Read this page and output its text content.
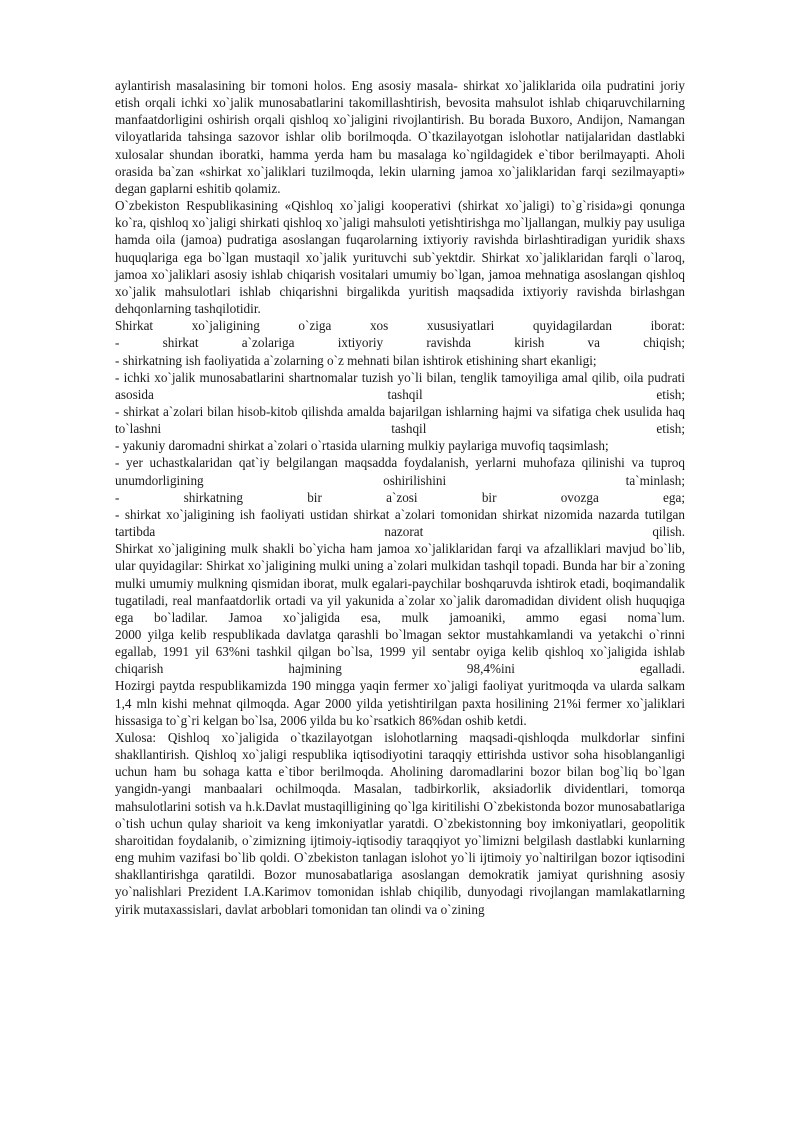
aylantirish masalasining bir tomoni holos. Eng asosiy masala- shirkat xo`jaliklarida oila pudratini joriy etish orqali ichki xo`jalik munosabatlarini takomillashtirish, bevosita mahsulot ishlab chiqaruvchilarning manfaatdorligini oshirish orqali qishloq xo`jaligini rivojlantirish. Bu borada Buxoro, Andijon, Namangan viloyatlarida tahsinga sazovor ishlar olib borilmoqda. O`tkazilayotgan islohotlar natijalaridan dastlabki xulosalar shundan iboratki, hamma yerda ham bu masalaga ko`ngildagidek e`tibor berilmayapti. Aholi orasida ba`zan «shirkat xo`jaliklari tuzilmoqda, lekin ularning jamoa xo`jaliklaridan farqi sezilmayapti» degan gaplarni eshitib qolamiz.

O`zbekiston Respublikasining «Qishloq xo`jaligi kooperativi (shirkat xo`jaligi) to`g`risida»gi qonunga ko`ra, qishloq xo`jaligi shirkati qishloq xo`jaligi mahsuloti yetishtirishga mo`ljallangan, mulkiy pay usuliga hamda oila (jamoa) pudratiga asoslangan fuqarolarning ixtiyoriy ravishda birlashtiradigan yuridik shaxs huquqlariga ega bo`lgan mustaqil xo`jalik yurituvchi sub`yektdir. Shirkat xo`jaliklaridan farqli o`laroq, jamoa xo`jaliklari asosiy ishlab chiqarish vositalari umumiy bo`lgan, jamoa mehnatiga asoslangan qishloq xo`jalik mahsulotlari ishlab chiqarishni birgalikda yuritish maqsadida ixtiyoriy ravishda birlashgan dehqonlarning tashqilotidir.

Shirkat xo`jaligining o`ziga xos xususiyatlari quyidagilardan iborat:

- shirkat a`zolariga ixtiyoriy ravishda kirish va chiqish;

- shirkatning ish faoliyatida a`zolarning o`z mehnati bilan ishtirok etishining shart ekanligi;

- ichki xo`jalik munosabatlarini shartnomalar tuzish yo`li bilan, tenglik tamoyiliga amal qilib, oila pudrati asosida tashqil etish;

- shirkat a`zolari bilan hisob-kitob qilishda amalda bajarilgan ishlarning hajmi va sifatiga chek usulida haq to`lashni tashqil etish;

- yakuniy daromadni shirkat a`zolari o`rtasida ularning mulkiy paylariga muvofiq taqsimlash;

- yer uchastkalaridan qat`iy belgilangan maqsadda foydalanish, yerlarni muhofaza qilinishi va tuproq unumdorligining oshirilishini ta`minlash;

- shirkatning bir a`zosi bir ovozga ega;

- shirkat xo`jaligining ish faoliyati ustidan shirkat a`zolari tomonidan shirkat nizomida nazarda tutilgan tartibda nazorat qilish.

Shirkat xo`jaligining mulk shakli bo`yicha ham jamoa xo`jaliklaridan farqi va afzalliklari mavjud bo`lib, ular quyidagilar: Shirkat xo`jaligining mulki uning a`zolari mulkidan tashqil topadi. Bunda har bir a`zoning mulki umumiy mulkning qismidan iborat, mulk egalari-paychilar boshqaruvda ishtirok etadi, boqimandalik tugatiladi, real manfaatdorlik ortadi va yil yakunida a`zolar xo`jalik daromadidan divident olish huquqiga ega bo`ladilar. Jamoa xo`jaligida esa, mulk jamoaniki, ammo egasi noma`lum.

2000 yilga kelib respublikada davlatga qarashli bo`lmagan sektor mustahkamlandi va yetakchi o`rinni egallab, 1991 yil 63%ni tashkil qilgan bo`lsa, 1999 yil sentabr oyiga kelib qishloq xo`jaligida ishlab chiqarish hajmining 98,4%ini egalladi.

Hozirgi paytda respublikamizda 190 mingga yaqin fermer xo`jaligi faoliyat yuritmoqda va ularda salkam 1,4 mln kishi mehnat qilmoqda. Agar 2000 yilda yetishtirilgan paxta hosilining 21%i fermer xo`jaliklari hissasiga to`g`ri kelgan bo`lsa, 2006 yilda bu ko`rsatkich 86%dan oshib ketdi.

Xulosa: Qishloq xo`jaligida o`tkazilayotgan islohotlarning maqsadi-qishloqda mulkdorlar sinfini shakllantirish. Qishloq xo`jaligi respublika iqtisodiyotini taraqqiy ettirishda ustivor soha hisoblanganligi uchun ham bu sohaga katta e`tibor berilmoqda. Aholining daromadlarini bozor bilan bog`liq bo`lgan yangidn-yangi manbaalari ochilmoqda. Masalan, tadbirkorlik, aksiadorlik dividentlari, tomorqa mahsulotlarini sotish va h.k.Davlat mustaqilligining qo`lga kiritilishi O`zbekistonda bozor munosabatlariga o`tish uchun qulay sharioit va keng imkoniyatlar yaratdi. O`zbekistonning boy imkoniyatlari, geopolitik sharoitidan foydalanib, o`zimizning ijtimoiy-iqtisodiy taraqqiyot yo`limizni belgilash dastlabki kunlarning eng muhim vazifasi bo`lib qoldi. O`zbekiston tanlagan islohot yo`li ijtimoiy yo`naltirilgan bozor iqtisodini shakllantirishga qaratildi. Bozor munosabatlariga asoslangan demokratik jamiyat qurishning asosiy yo`nalishlari Prezident I.A.Karimov tomonidan ishlab chiqilib, dunyodagi rivojlangan mamlakatlarning yirik mutaxassislari, davlat arboblari tomonidan tan olindi va o`zining
